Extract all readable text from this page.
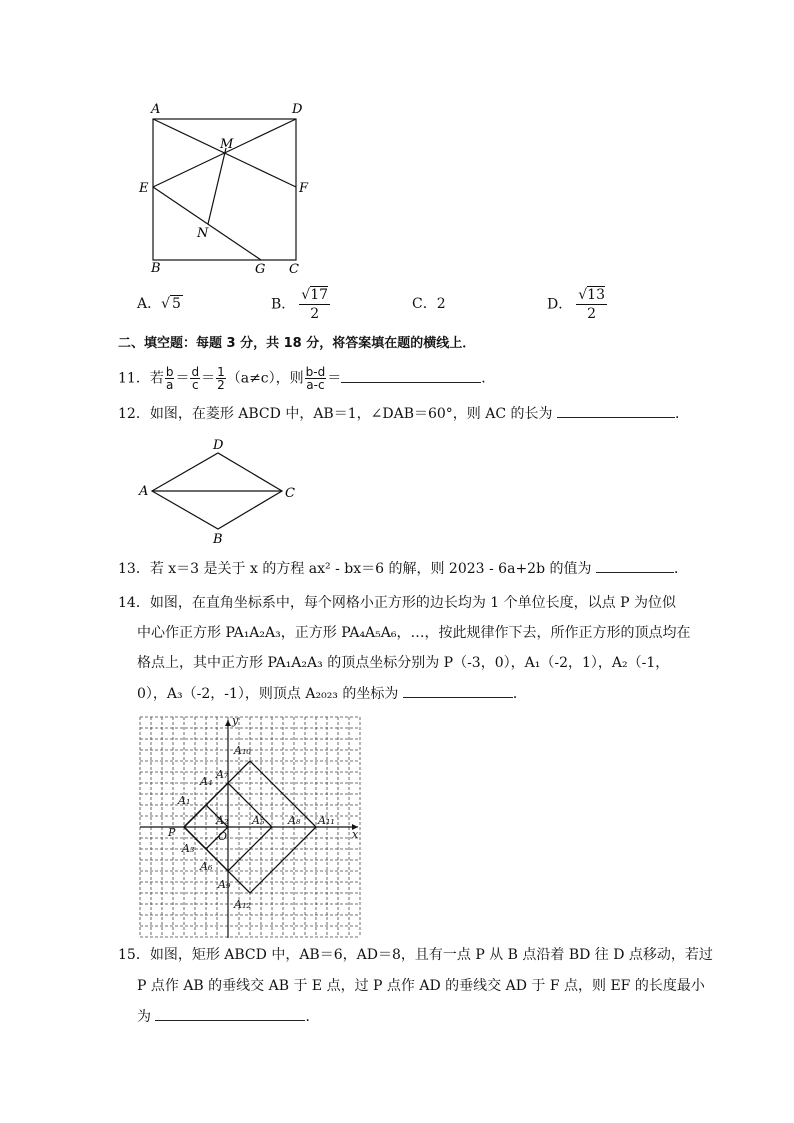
A	D
M
E	F
N
B	G C
A．√ 5	B． $\frac{√17}{2}$	C．2	D． $\frac{√13}{2}$
二、填空题：每题 3 分，共 18 分，将答案填在题的横线上．
11．若 $\frac{b}{a} = \frac{d}{c} = \frac{1}{2} (a\ne c)$，则 $\frac{b-d}{a-c}$ ＝	．
12．如图，在菱形 ABCD 中，AB＝1，∠DAB＝60°，则 AC 的长为	．
D
A	C
B
13．若 x＝3 是关于 x 的方程 ax² - bx＝6 的解，则 2023 - 6a+2b 的值为	．
14．如图，在直角坐标系中，每个网格小正方形的边长均为 1 个单位长度，以点 P 为位似
中心作正方形 PA₁A₂A₃，正方形 PA₄A₅A₆，…，按此规律作下去，所作正方形的顶点均在
格点上，其中正方形 PA₁A₂A₃ 的顶点坐标分别为 P（-3，0），A₁（-2，1），A₂（-1，
0），A₃（-2，-1），则顶点 A₂₀₂₃ 的坐标为	．
y
x
P	O
A₁₀
A₇
A₄
A₁
A₂ A₅ A₈ A₁₁
A₃
A₆
A₉
A₁₂
15．如图，矩形 ABCD 中，AB＝6，AD＝8，且有一点 P 从 B 点沿着 BD 往 D 点移动，若过
P 点作 AB 的垂线交 AB 于 E 点，过 P 点作 AD 的垂线交 AD 于 F 点，则 EF 的长度最小
为	．
